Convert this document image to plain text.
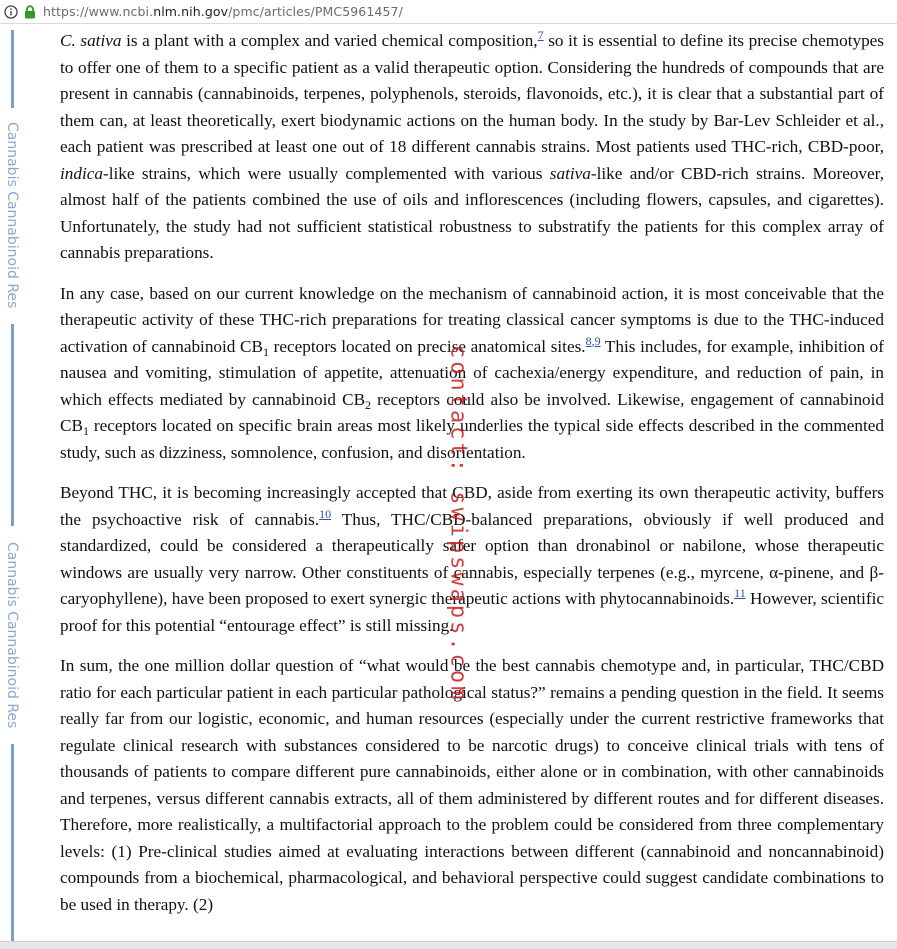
https://www.ncbi.nlm.nih.gov/pmc/articles/PMC5961457/
Cannabis Cannabinoid Res
Cannabis Cannabinoid Res

C. sativa is a plant with a complex and varied chemical composition,$^7$ so it is essential to define its precise chemotypes to offer one of them to a specific patient as a valid therapeutic option. Considering the hundreds of compounds that are present in cannabis (cannabinoids, terpenes, polyphenols, steroids, flavonoids, etc.), it is clear that a substantial part of them can, at least theoretically, exert biodynamic actions on the human body. In the study by Bar-Lev Schleider et al., each patient was prescribed at least one out of 18 different cannabis strains. Most patients used THC-rich, CBD-poor, indica-like strains, which were usually complemented with various sativa-like and/or CBD-rich strains. Moreover, almost half of the patients combined the use of oils and inflorescences (including flowers, capsules, and cigarettes). Unfortunately, the study had not sufficient statistical robustness to substratify the patients for this complex array of cannabis preparations.

In any case, based on our current knowledge on the mechanism of cannabinoid action, it is most conceivable that the therapeutic activity of these THC-rich preparations for treating classical cancer symptoms is due to the THC-induced activation of cannabinoid $CB_1$ receptors located on precise anatomical sites.$^{8,9}$ This includes, for example, inhibition of nausea and vomiting, stimulation of appetite, attenuation of cachexia/energy expenditure, and reduction of pain, in which effects mediated by cannabinoid $CB_2$ receptors could also be involved. Likewise, engagement of cannabinoid $CB_1$ receptors located on specific brain areas most likely underlies the typical side effects described in the commented study, such as dizziness, somnolence, confusion, and disorientation.

Beyond THC, it is becoming increasingly accepted that CBD, aside from exerting its own therapeutic activity, buffers the psychoactive risk of cannabis.$^{10}$ Thus, THC/CBD-balanced preparations, obviously if well produced and standardized, could be considered a therapeutically safer option than dronabinol or nabilone, whose therapeutic windows are usually very narrow. Other constituents of cannabis, especially terpenes (e.g., myrcene, α-pinene, and β-caryophyllene), have been proposed to exert synergic therapeutic actions with phytocannabinoids.$^{11}$ However, scientific proof for this potential “entourage effect” is still missing.

In sum, the one million dollar question of “what would be the best cannabis chemotype and, in particular, THC/CBD ratio for each particular patient in each particular pathological status?” remains a pending question in the field. It seems really far from our logistic, economic, and human resources (especially under the current restrictive frameworks that regulate clinical research with substances considered to be narcotic drugs) to conceive clinical trials with tens of thousands of patients to compare different pure cannabinoids, either alone or in combination, with other cannabinoids and terpenes, versus different cannabis extracts, all of them administered by different routes and for different diseases. Therefore, more realistically, a multifactorial approach to the problem could be considered from three complementary levels: (1) Pre-clinical studies aimed at evaluating interactions between different (cannabinoid and noncannabinoid) compounds from a biochemical, pharmacological, and behavioral perspective could suggest candidate combinations to be used in therapy. (2)

contact: swipswaps.com
